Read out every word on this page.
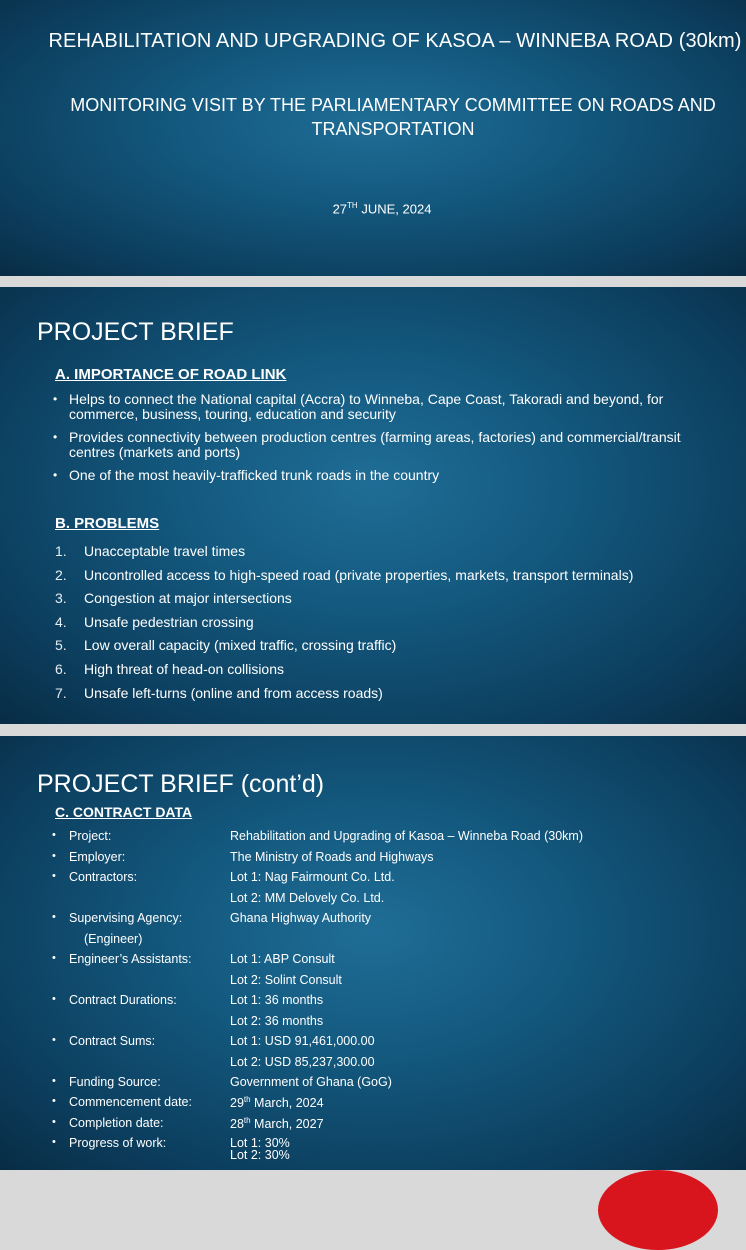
REHABILITATION AND UPGRADING OF KASOA – WINNEBA ROAD (30km)
MONITORING VISIT BY THE PARLIAMENTARY COMMITTEE ON ROADS AND TRANSPORTATION
27TH JUNE, 2024
PROJECT BRIEF
A. IMPORTANCE OF ROAD LINK
• Helps to connect the National capital (Accra) to Winneba, Cape Coast, Takoradi and beyond, for commerce, business, touring, education and security
• Provides connectivity between production centres (farming areas, factories) and commercial/transit centres (markets and ports)
• One of the most heavily-trafficked trunk roads in the country
B. PROBLEMS
1. Unacceptable travel times
2. Uncontrolled access to high-speed road (private properties, markets, transport terminals)
3. Congestion at major intersections
4. Unsafe pedestrian crossing
5. Low overall capacity (mixed traffic, crossing traffic)
6. High threat of head-on collisions
7. Unsafe left-turns (online and from access roads)
PROJECT BRIEF (cont’d)
C. CONTRACT DATA
• Project:	Rehabilitation and Upgrading of Kasoa – Winneba Road (30km)
• Employer:	The Ministry of Roads and Highways
• Contractors:	Lot 1: Nag Fairmount Co. Ltd.
Lot 2: MM Delovely Co. Ltd.
• Supervising Agency:
(Engineer)
Ghana Highway Authority
• Engineer’s Assistants:	Lot 1: ABP Consult
Lot 2: Solint Consult
• Contract Durations:	Lot 1: 36 months
Lot 2: 36 months
• Contract Sums:	Lot 1: USD 91,461,000.00
Lot 2: USD 85,237,300.00
• Funding Source:	Government of Ghana (GoG)
• Commencement date:	29th March, 2024
• Completion date:	28th March, 2027
• Progress of work:	Lot 1: 30%
Lot 2: 30%
